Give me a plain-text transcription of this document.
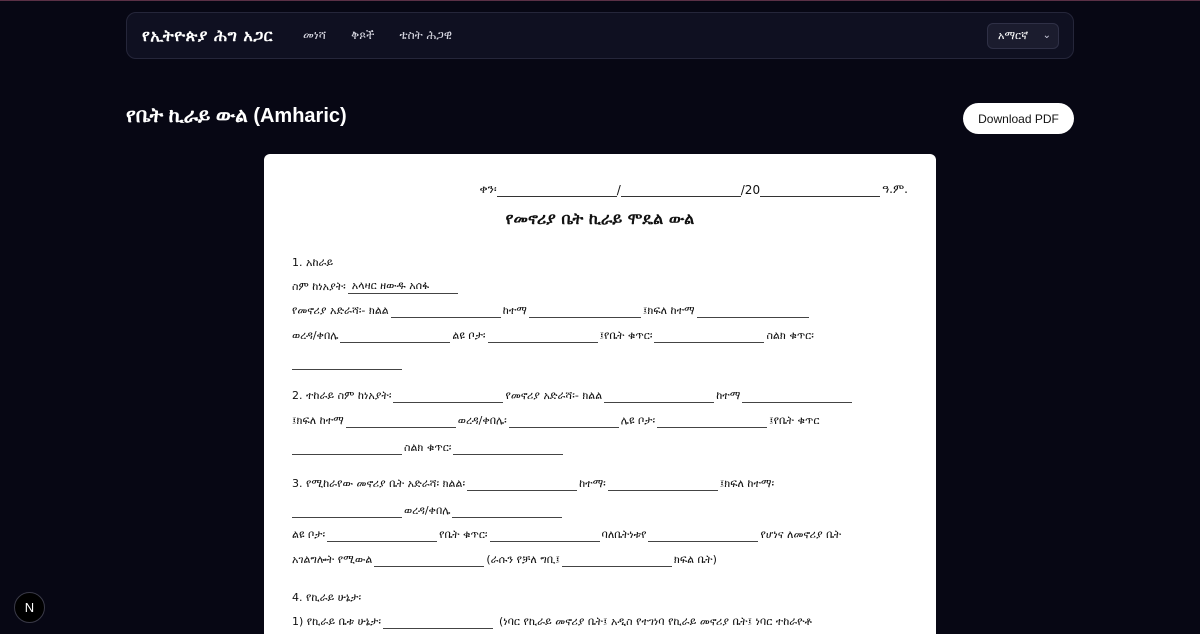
የኢትዮጵያ ሕግ አጋር	መነሻ ቅጾች ቴስት ሕጋዊ	አማርኛ ⌄
የቤት ኪራይ ውል (Amharic)	Download PDF
ቀን፡	/	/20	ዓ.ም.
የመኖሪያ ቤት ኪራይ ሞዴል ውል
1. አከራይ
ስም ከነአያት፡ አላዛር ዘውዱ አሰፋ
የመኖሪያ አድራሻ፡- ክልል	ከተማ	፤ክፍለ ከተማ
ወረዳ/ቀበሌ	ልዩ ቦታ፡	፤የቤት ቁጥር፡	ስልክ ቁጥር፡
2. ተከራይ ስም ከነአያት፡	የመኖሪያ አድራሻ፡- ክልል	ከተማ
፤ክፍለ ከተማ	ወረዳ/ቀበሌ፡	ሌዩ ቦታ፡	፤የቤት ቁጥር
ስልክ ቁጥር፡
3. የሚከራየው መኖሪያ ቤት አድራሻ፡ ክልል፡	ከተማ፡	፤ክፍለ ከተማ፡
ወረዳ/ቀበሌ
ልዩ ቦታ፡	የቤት ቁጥር፡	ባለቤትነቱየ	የሆነና ለመኖሪያ ቤት
አገልግሎት የሚውል	(ራሱን የቻለ ግቢ፤	ክፍል ቤት)
4. የኪራይ ሁኔታ፡
1) የኪራይ ቤቱ ሁኔታ፡	(ነባር የኪራይ መኖሪያ ቤት፤ አዲስ የተገነባ የኪራይ መኖሪያ ቤት፤ ነባር ተከራዮቶ
N
